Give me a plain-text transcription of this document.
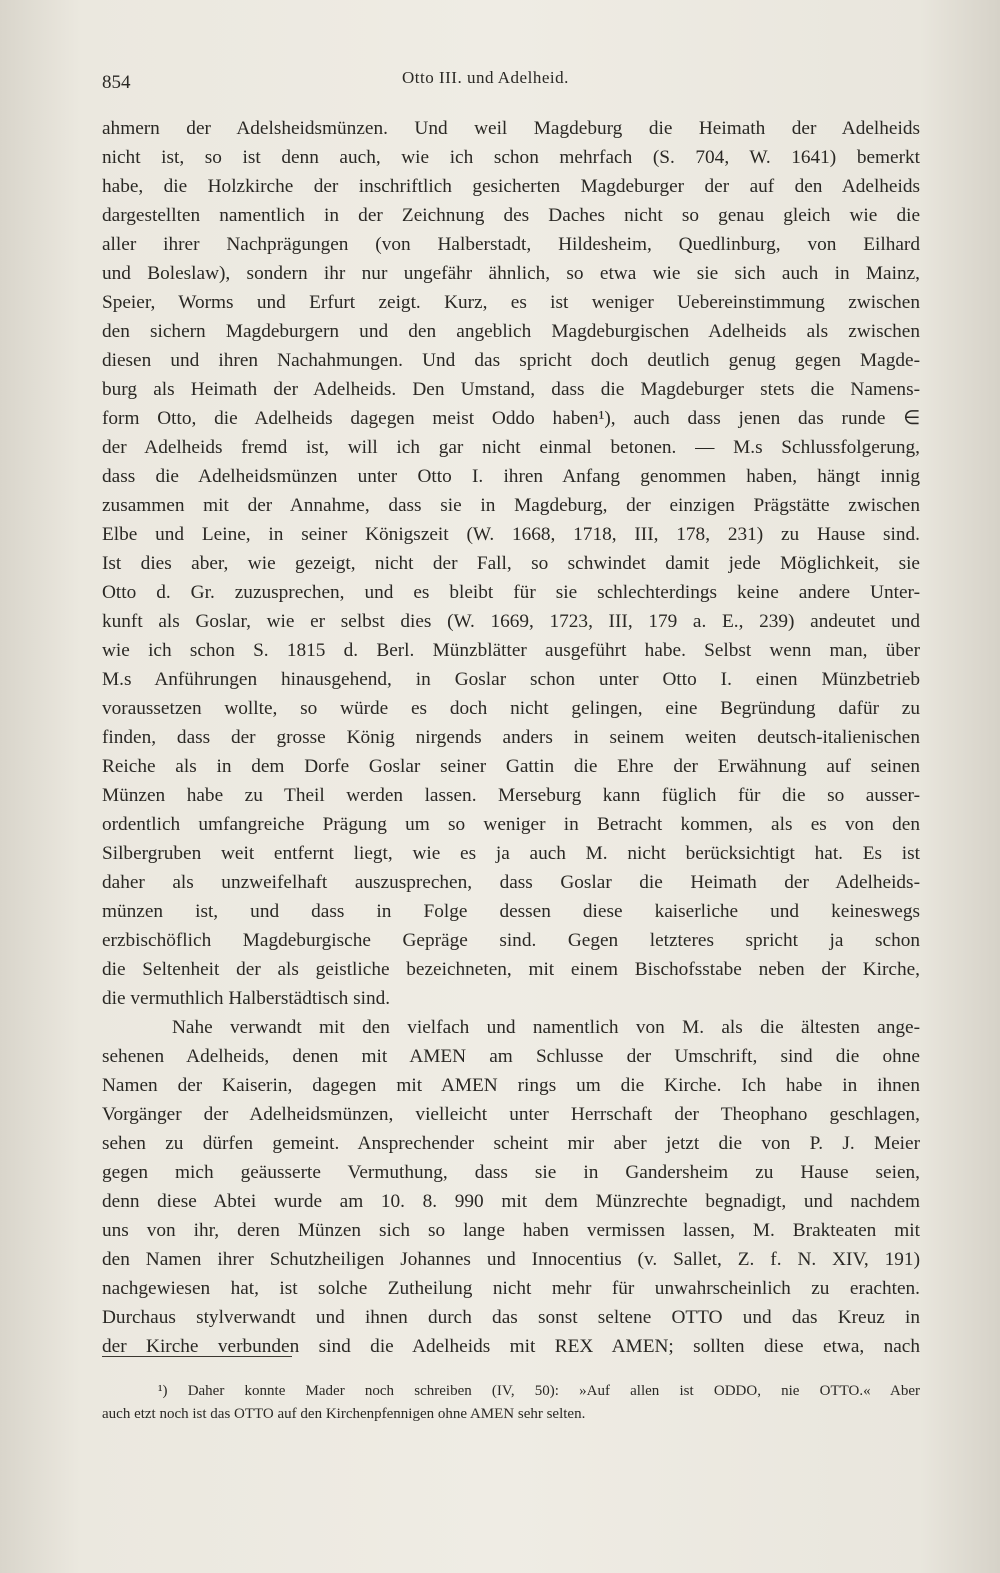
854	Otto III. und Adelheid.
ahmern der Adelsheidsmünzen. Und weil Magdeburg die Heimath der Adelheids
nicht ist, so ist denn auch, wie ich schon mehrfach (S. 704, W. 1641) bemerkt
habe, die Holzkirche der inschriftlich gesicherten Magdeburger der auf den Adelheids
dargestellten namentlich in der Zeichnung des Daches nicht so genau gleich wie die
aller ihrer Nachprägungen (von Halberstadt, Hildesheim, Quedlinburg, von Eilhard
und Boleslaw), sondern ihr nur ungefähr ähnlich, so etwa wie sie sich auch in Mainz,
Speier, Worms und Erfurt zeigt. Kurz, es ist weniger Uebereinstimmung zwischen
den sichern Magdeburgern und den angeblich Magdeburgischen Adelheids als zwischen
diesen und ihren Nachahmungen. Und das spricht doch deutlich genug gegen Magde-
burg als Heimath der Adelheids. Den Umstand, dass die Magdeburger stets die Namens-
form Otto, die Adelheids dagegen meist Oddo haben¹), auch dass jenen das runde ∈
der Adelheids fremd ist, will ich gar nicht einmal betonen. — M.s Schlussfolgerung,
dass die Adelheidsmünzen unter Otto I. ihren Anfang genommen haben, hängt innig
zusammen mit der Annahme, dass sie in Magdeburg, der einzigen Prägstätte zwischen
Elbe und Leine, in seiner Königszeit (W. 1668, 1718, III, 178, 231) zu Hause sind.
Ist dies aber, wie gezeigt, nicht der Fall, so schwindet damit jede Möglichkeit, sie
Otto d. Gr. zuzusprechen, und es bleibt für sie schlechterdings keine andere Unter-
kunft als Goslar, wie er selbst dies (W. 1669, 1723, III, 179 a. E., 239) andeutet und
wie ich schon S. 1815 d. Berl. Münzblätter ausgeführt habe. Selbst wenn man, über
M.s Anführungen hinausgehend, in Goslar schon unter Otto I. einen Münzbetrieb
voraussetzen wollte, so würde es doch nicht gelingen, eine Begründung dafür zu
finden, dass der grosse König nirgends anders in seinem weiten deutsch-italienischen
Reiche als in dem Dorfe Goslar seiner Gattin die Ehre der Erwähnung auf seinen
Münzen habe zu Theil werden lassen. Merseburg kann füglich für die so ausser-
ordentlich umfangreiche Prägung um so weniger in Betracht kommen, als es von den
Silbergruben weit entfernt liegt, wie es ja auch M. nicht berücksichtigt hat. Es ist
daher als unzweifelhaft auszusprechen, dass Goslar die Heimath der Adelheids-
münzen ist, und dass in Folge dessen diese kaiserliche und keineswegs
erzbischöflich Magdeburgische Gepräge sind. Gegen letzteres spricht ja schon
die Seltenheit der als geistliche bezeichneten, mit einem Bischofsstabe neben der Kirche,
die vermuthlich Halberstädtisch sind.
Nahe verwandt mit den vielfach und namentlich von M. als die ältesten ange-
sehenen Adelheids, denen mit AMEN am Schlusse der Umschrift, sind die ohne
Namen der Kaiserin, dagegen mit AMEN rings um die Kirche. Ich habe in ihnen
Vorgänger der Adelheidsmünzen, vielleicht unter Herrschaft der Theophano geschlagen,
sehen zu dürfen gemeint. Ansprechender scheint mir aber jetzt die von P. J. Meier
gegen mich geäusserte Vermuthung, dass sie in Gandersheim zu Hause seien,
denn diese Abtei wurde am 10. 8. 990 mit dem Münzrechte begnadigt, und nachdem
uns von ihr, deren Münzen sich so lange haben vermissen lassen, M. Brakteaten mit
den Namen ihrer Schutzheiligen Johannes und Innocentius (v. Sallet, Z. f. N. XIV, 191)
nachgewiesen hat, ist solche Zutheilung nicht mehr für unwahrscheinlich zu erachten.
Durchaus stylverwandt und ihnen durch das sonst seltene OTTO und das Kreuz in
der Kirche verbunden sind die Adelheids mit REX AMEN; sollten diese etwa, nach
¹) Daher konnte Mader noch schreiben (IV, 50): »Auf allen ist ODDO, nie OTTO.« Aber
auch etzt noch ist das OTTO auf den Kirchenpfennigen ohne AMEN sehr selten.
